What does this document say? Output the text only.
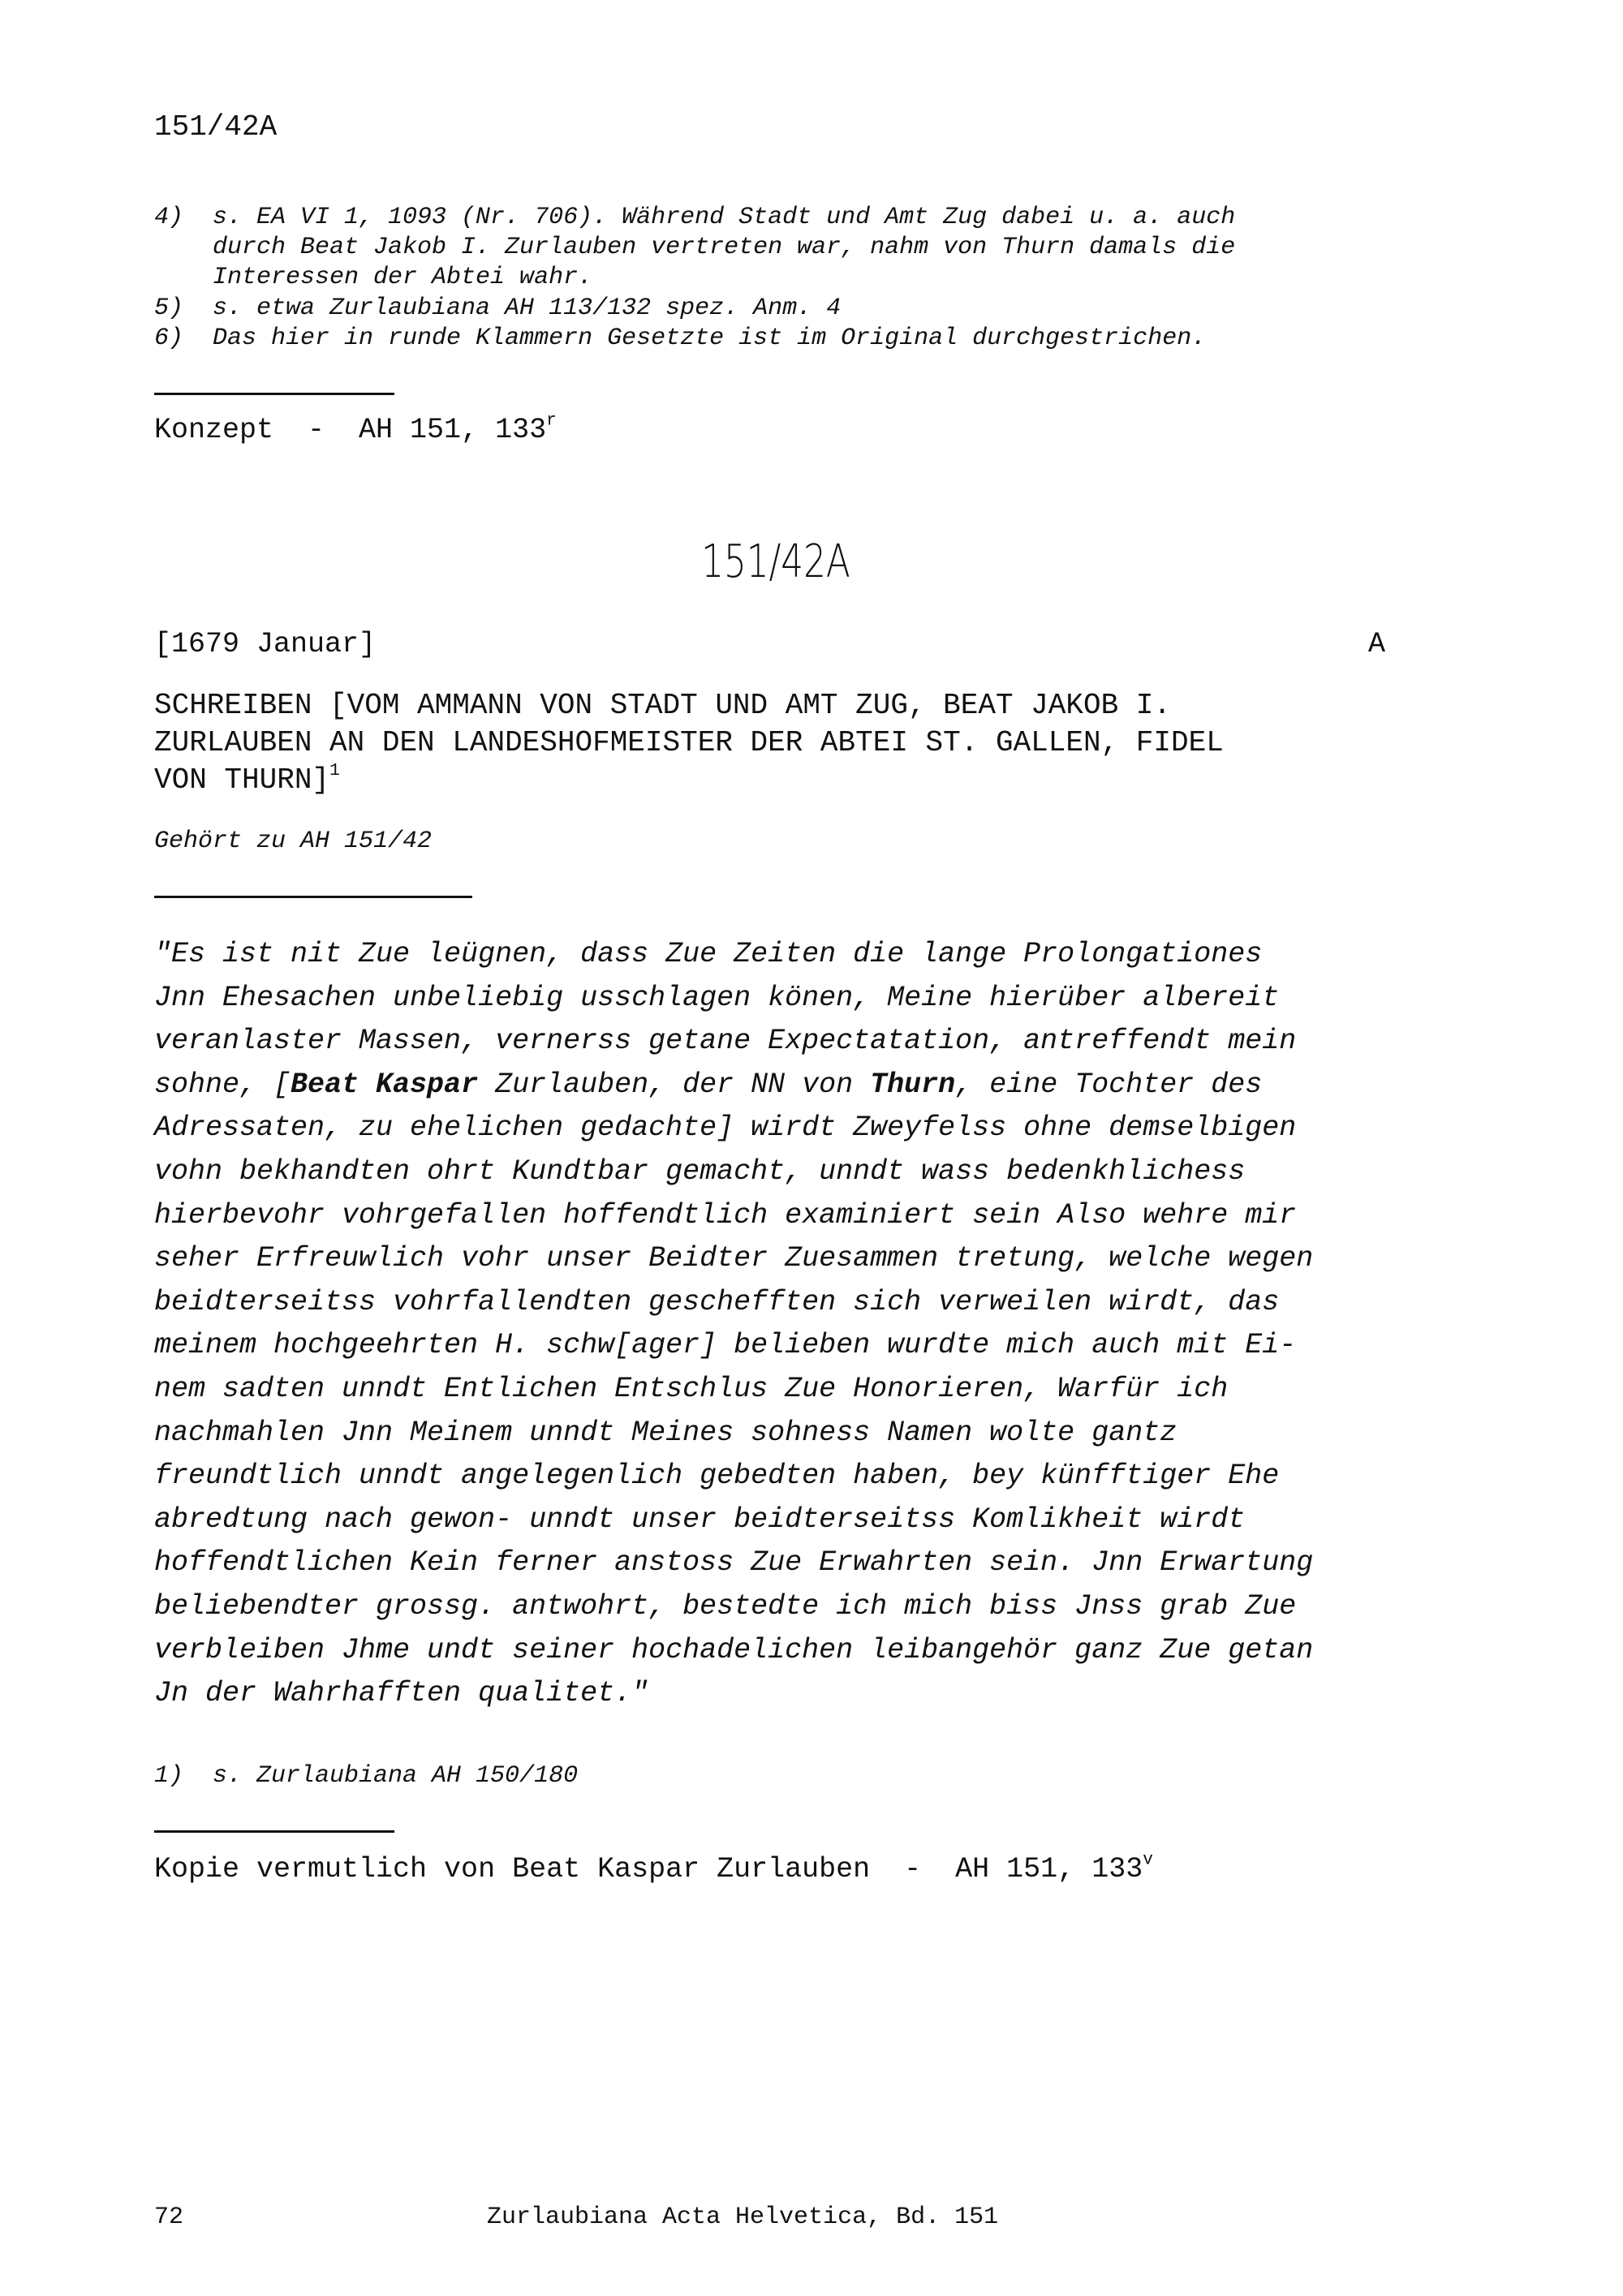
151/42A
4) s. EA VI 1, 1093 (Nr. 706). Während Stadt und Amt Zug dabei u. a. auch
durch Beat Jakob I. Zurlauben vertreten war, nahm von Thurn damals die
Interessen der Abtei wahr.
5) s. etwa Zurlaubiana AH 113/132 spez. Anm. 4
6) Das hier in runde Klammern Gesetzte ist im Original durchgestrichen.
Konzept  -  AH 151, 133$^r$
151/42A
[1679 Januar]	A
SCHREIBEN [VOM AMMANN VON STADT UND AMT ZUG, BEAT JAKOB I.
ZURLAUBEN AN DEN LANDESHOFMEISTER DER ABTEI ST. GALLEN, FIDEL
VON THURN]$^1$
Gehört zu AH 151/42
"Es ist nit Zue leügnen, dass Zue Zeiten die lange Prolongationes
Jnn Ehesachen unbeliebig usschlagen könen, Meine hierüber albereit
veranlaster Massen, vernerss getane Expectatation, antreffendt mein
sohne, [Beat Kaspar Zurlauben, der NN von Thurn, eine Tochter des
Adressaten, zu ehelichen gedachte] wirdt Zweyfelss ohne demselbigen
vohn bekhandten ohrt Kundtbar gemacht, unndt wass bedenkhlichess
hierbevohr vohrgefallen hoffendtlich examiniert sein Also wehre mir
seher Erfreuwlich vohr unser Beidter Zuesammen tretung, welche wegen
beidterseitss vohrfallendten geschefften sich verweilen wirdt, das
meinem hochgeehrten H. schw[ager] belieben wurdte mich auch mit Ei-
nem sadten unndt Entlichen Entschlus Zue Honorieren, Warfür ich
nachmahlen Jnn Meinem unndt Meines sohness Namen wolte gantz
freundtlich unndt angelegenlich gebedten haben, bey künfftiger Ehe
abredtung nach gewon- unndt unser beidterseitss Komlikheit wirdt
hoffendtlichen Kein ferner anstoss Zue Erwahrten sein. Jnn Erwartung
beliebendter grossg. antwohrt, bestedte ich mich biss Jnss grab Zue
verbleiben Jhme undt seiner hochadelichen leibangehör ganz Zue getan
Jn der Wahrhafften qualitet."
1) s. Zurlaubiana AH 150/180
Kopie vermutlich von Beat Kaspar Zurlauben  -  AH 151, 133$^v$
72	Zurlaubiana Acta Helvetica, Bd. 151
